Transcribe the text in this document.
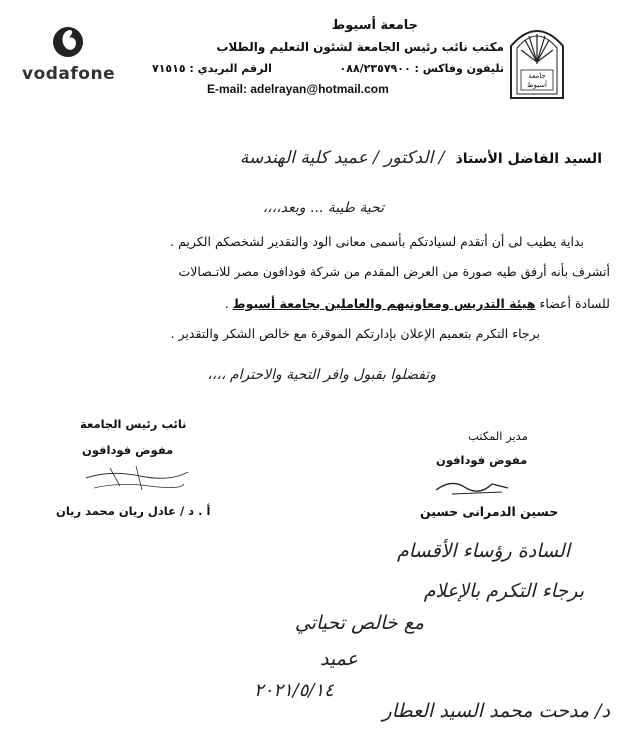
vodafone	جامعة أسيوط
جامعة أسيوط
مكتب نائب رئيس الجامعة لشئون التعليم والطلاب
تليفون وفاكس : ٠٨٨/٢٣٥٧٩٠٠
الرقم البريدي : ٧١٥١٥
E-mail: adelrayan@hotmail.com
السيد الفاضل الأستاذ / الدكتور / عميد كلية الهندسة
تحية طيبة ... وبعد،،،،
بداية يطيب لى أن أتقدم لسيادتكم بأسمى معانى الود والتقدير لشخصكم الكريم .
أتشرف بأنه أرفق طيه صورة من العرض المقدم من شركة فودافون مصر للاتـصالات
للسادة أعضاء هيئة التدريس ومعاونيهم والعاملين بجامعة أسيوط .
برجاء التكرم بتعميم الإعلان بإدارتكم الموقرة مع خالص الشكر والتقدير .
وتفضلوا بقبول وافر التحية والاحترام ،،،،
نائب رئيس الجامعة
مفوض فودافون
أ . د / عادل ريان محمد ريان
مدير المكتب
مفوض فودافون
حسين الدمرانى حسين
السادة رؤساء الأقسام
برجاء التكرم بالإعلام
مع خالص تحياتي
عميد
٢٠٢١/٥/١٤
د/ مدحت محمد السيد العطار
